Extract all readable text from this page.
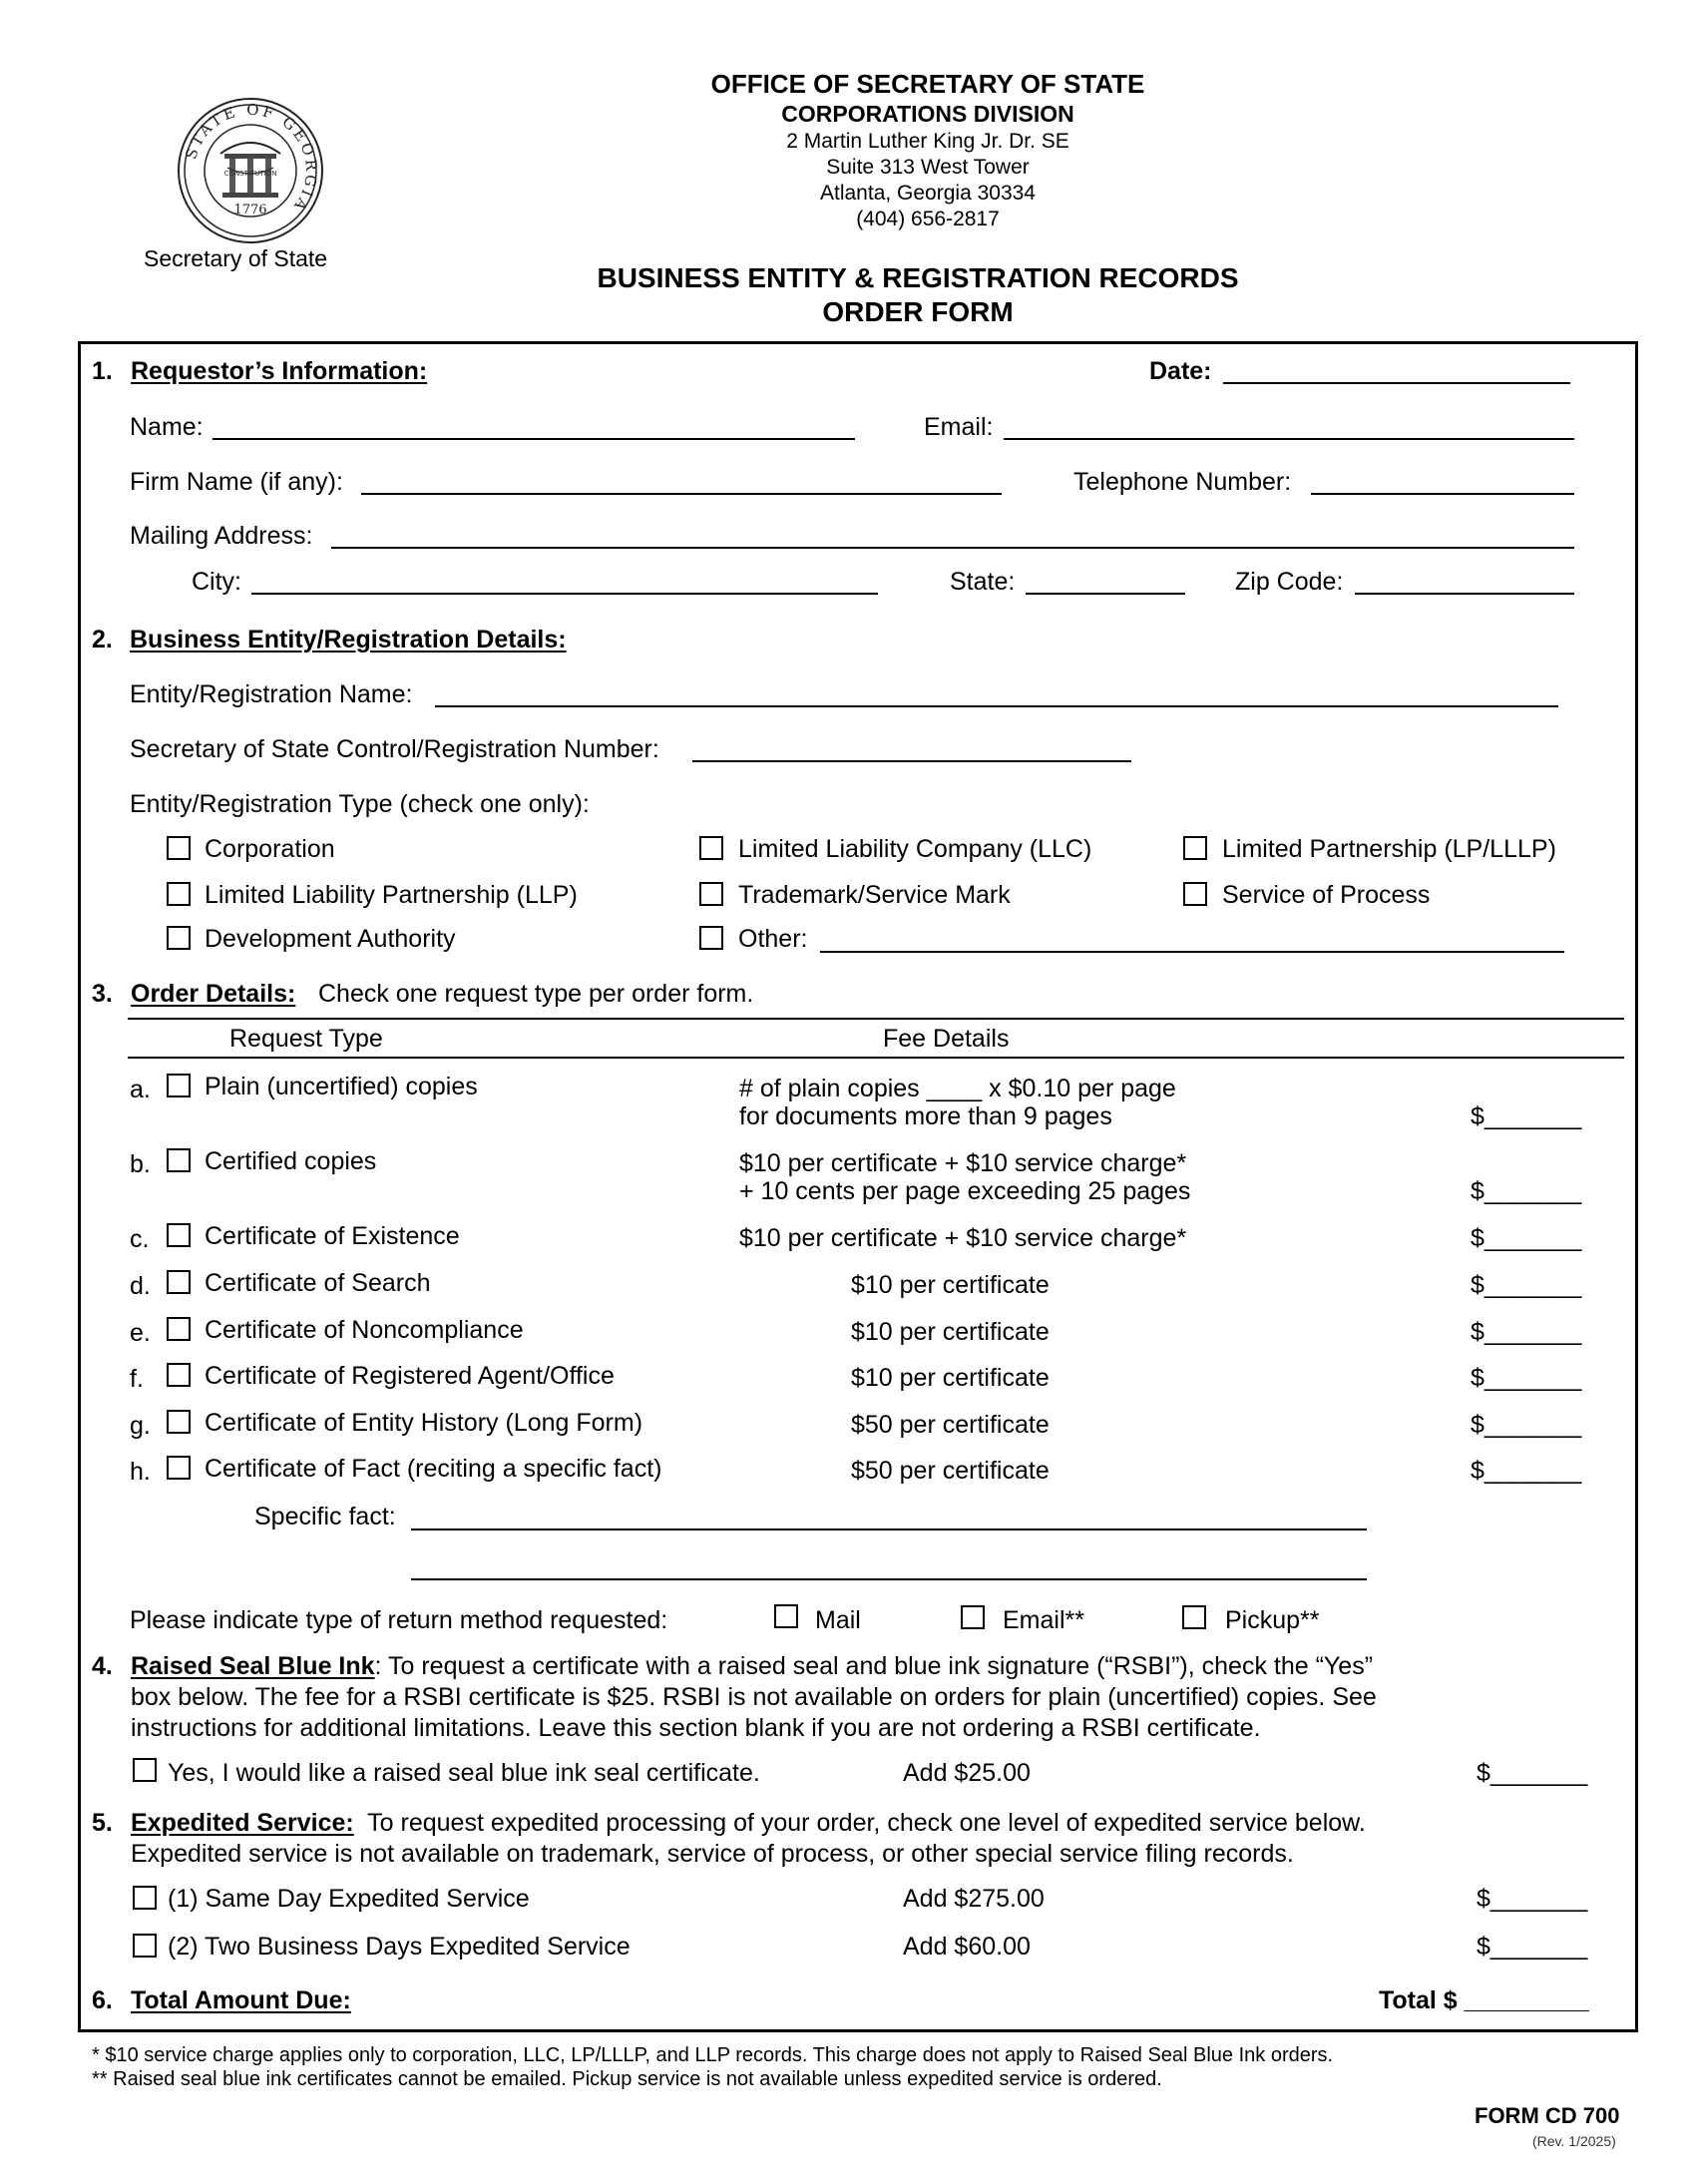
STATE OF GEORGIA
CONSTITUTION
1776
Secretary of State
OFFICE OF SECRETARY OF STATE
CORPORATIONS DIVISION
2 Martin Luther King Jr. Dr. SE
Suite 313 West Tower
Atlanta, Georgia 30334
(404) 656-2817
BUSINESS ENTITY & REGISTRATION RECORDS
ORDER FORM
1. Requestor’s Information:	Date:
Name:	Email:
Firm Name (if any):	Telephone Number:
Mailing Address:
City:	State:	Zip Code:
2. Business Entity/Registration Details:
Entity/Registration Name:
Secretary of State Control/Registration Number:
Entity/Registration Type (check one only):
Corporation	Limited Liability Company (LLC)	Limited Partnership (LP/LLLP)
Limited Liability Partnership (LLP)	Trademark/Service Mark	Service of Process
Development Authority	Other:
3. Order Details: Check one request type per order form.
Request Type	Fee Details
a. Plain (uncertified) copies	# of plain copies ____ x $0.10 per page
for documents more than 9 pages	$_______
b. Certified copies	$10 per certificate + $10 service charge*
+ 10 cents per page exceeding 25 pages	$_______
c. Certificate of Existence	$10 per certificate + $10 service charge*	$_______
d. Certificate of Search	$10 per certificate	$_______
e. Certificate of Noncompliance	$10 per certificate	$_______
f. Certificate of Registered Agent/Office	$10 per certificate	$_______
g. Certificate of Entity History (Long Form)	$50 per certificate	$_______
h. Certificate of Fact (reciting a specific fact)	$50 per certificate	$_______
Specific fact:
Please indicate type of return method requested:	Mail	Email**	Pickup**
4. Raised Seal Blue Ink: To request a certificate with a raised seal and blue ink signature (“RSBI”), check the “Yes”
box below. The fee for a RSBI certificate is $25. RSBI is not available on orders for plain (uncertified) copies. See
instructions for additional limitations. Leave this section blank if you are not ordering a RSBI certificate.
Yes, I would like a raised seal blue ink seal certificate.	Add $25.00	$_______
5. Expedited Service: To request expedited processing of your order, check one level of expedited service below.
Expedited service is not available on trademark, service of process, or other special service filing records.
(1) Same Day Expedited Service	Add $275.00	$_______
(2) Two Business Days Expedited Service	Add $60.00	$_______
6. Total Amount Due:	Total $ _________
* $10 service charge applies only to corporation, LLC, LP/LLLP, and LLP records. This charge does not apply to Raised Seal Blue Ink orders.
** Raised seal blue ink certificates cannot be emailed. Pickup service is not available unless expedited service is ordered.
FORM CD 700
(Rev. 1/2025)
